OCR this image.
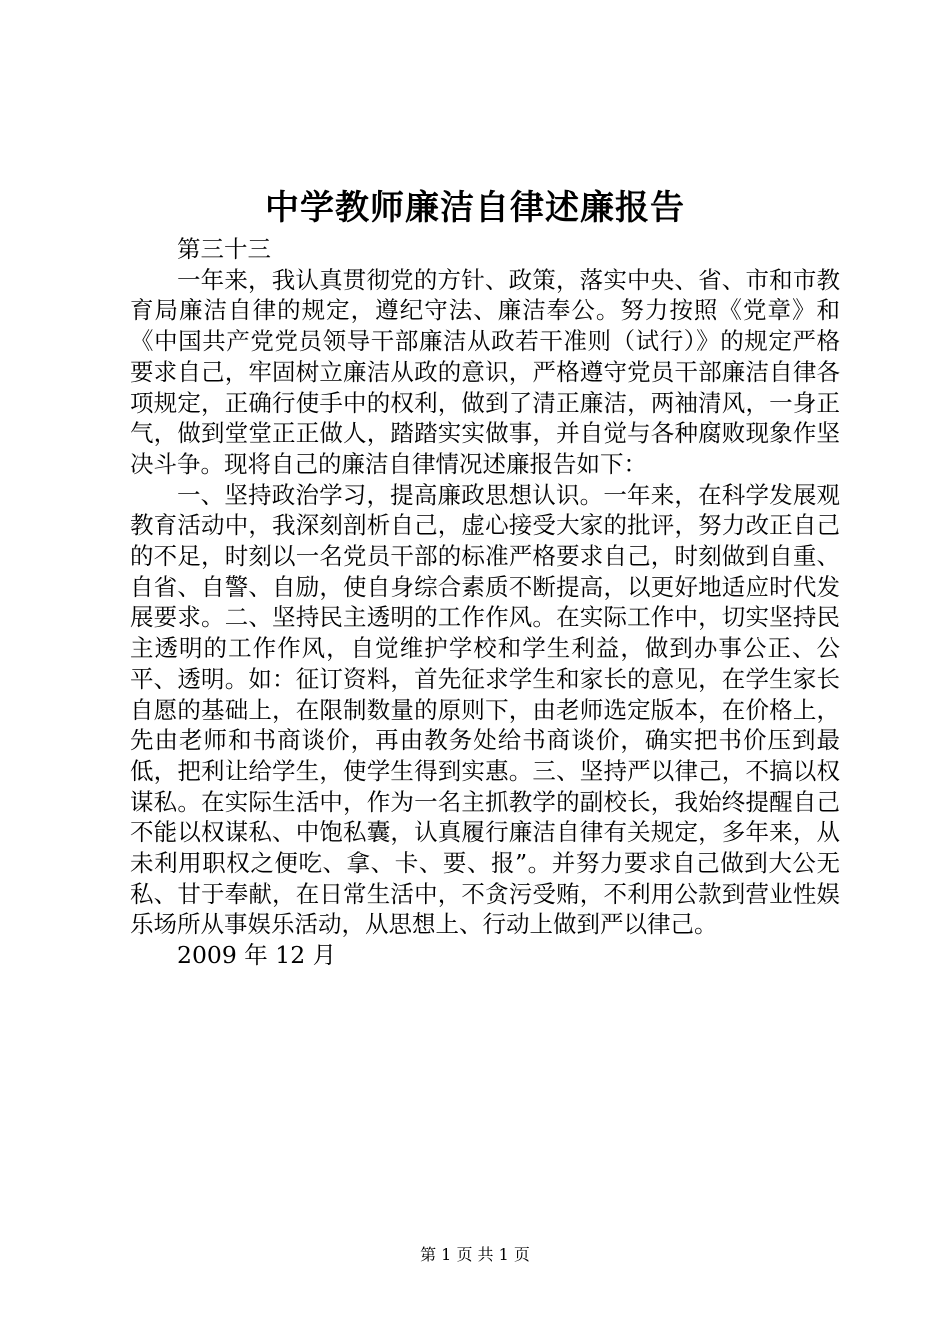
中学教师廉洁自律述廉报告

第三十三

一年来，我认真贯彻党的方针、政策，落实中央、省、市和市教育局廉洁自律的规定，遵纪守法、廉洁奉公。努力按照《党章》和《中国共产党党员领导干部廉洁从政若干准则（试行）》的规定严格要求自己，牢固树立廉洁从政的意识，严格遵守党员干部廉洁自律各项规定，正确行使手中的权利，做到了清正廉洁，两袖清风，一身正气，做到堂堂正正做人，踏踏实实做事，并自觉与各种腐败现象作坚决斗争。现将自己的廉洁自律情况述廉报告如下：

一、坚持政治学习，提高廉政思想认识。一年来，在科学发展观教育活动中，我深刻剖析自己，虚心接受大家的批评，努力改正自己的不足，时刻以一名党员干部的标准严格要求自己，时刻做到自重、自省、自警、自励，使自身综合素质不断提高，以更好地适应时代发展要求。二、坚持民主透明的工作作风。在实际工作中，切实坚持民主透明的工作作风，自觉维护学校和学生利益，做到办事公正、公平、透明。如：征订资料，首先征求学生和家长的意见，在学生家长自愿的基础上，在限制数量的原则下，由老师选定版本，在价格上，先由老师和书商谈价，再由教务处给书商谈价，确实把书价压到最低，把利让给学生，使学生得到实惠。三、坚持严以律己，不搞以权谋私。在实际生活中，作为一名主抓教学的副校长，我始终提醒自己不能以权谋私、中饱私囊，认真履行廉洁自律有关规定，多年来，从未利用职权之便吃、拿、卡、要、报”。并努力要求自己做到大公无私、甘于奉献，在日常生活中，不贪污受贿，不利用公款到营业性娱乐场所从事娱乐活动，从思想上、行动上做到严以律己。

2009 年 12 月

第 1 页 共 1 页
